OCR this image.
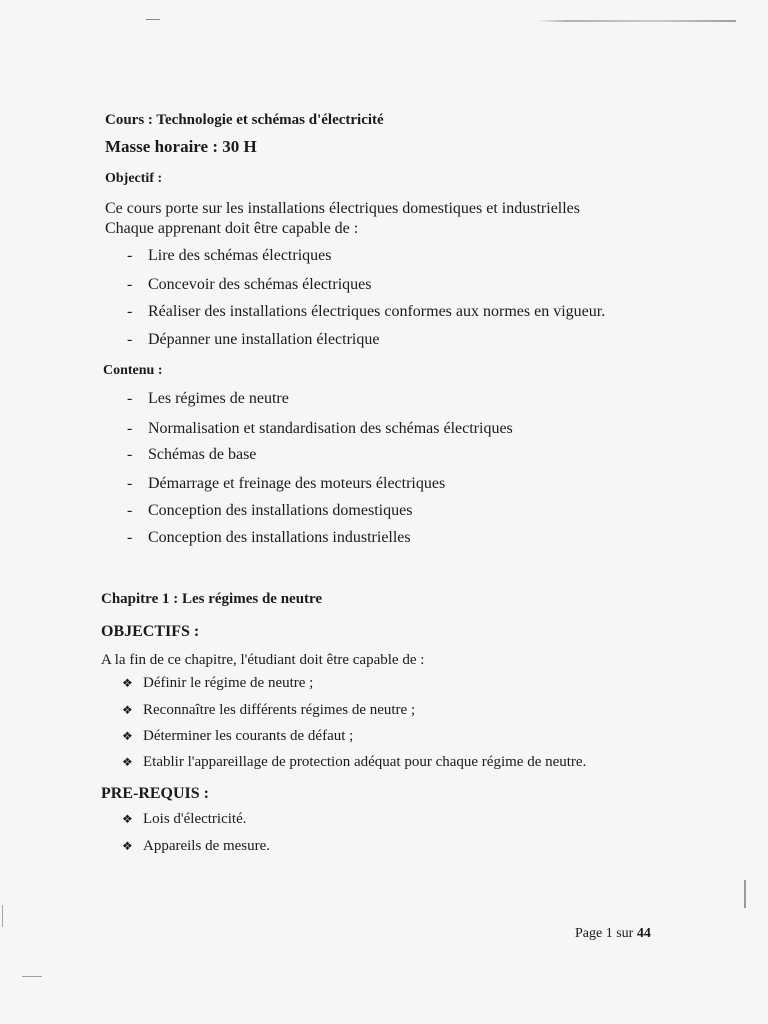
Cours : Technologie et schémas d'électricité
Masse horaire : 30 H
Objectif :
Ce cours porte sur les installations électriques domestiques et industrielles
Chaque apprenant doit être capable de :
- Lire des schémas électriques
- Concevoir des schémas électriques
- Réaliser des installations électriques conformes aux normes en vigueur.
- Dépanner une installation électrique
Contenu :
- Les régimes de neutre
- Normalisation et standardisation des schémas électriques
- Schémas de base
- Démarrage et freinage des moteurs électriques
- Conception des installations domestiques
- Conception des installations industrielles
Chapitre 1 : Les régimes de neutre
OBJECTIFS :
A la fin de ce chapitre, l'étudiant doit être capable de :
❖ Définir le régime de neutre ;
❖ Reconnaître les différents régimes de neutre ;
❖ Déterminer les courants de défaut ;
❖ Etablir l'appareillage de protection adéquat pour chaque régime de neutre.
PRE-REQUIS :
❖ Lois d'électricité.
❖ Appareils de mesure.
Page 1 sur 44
